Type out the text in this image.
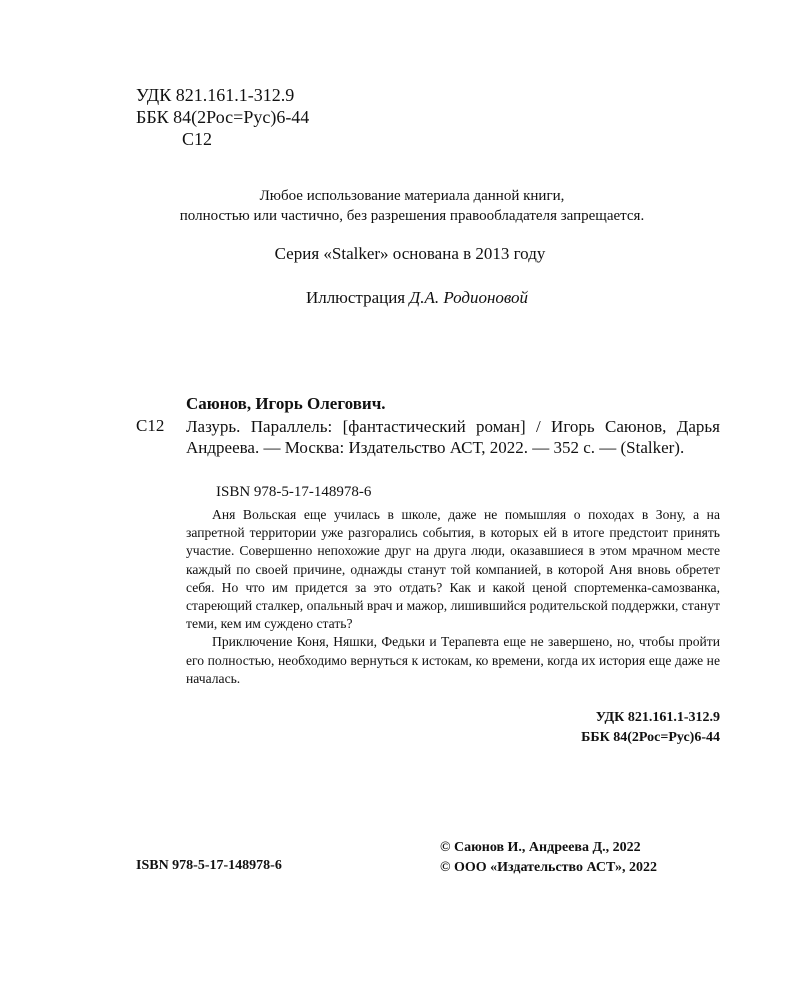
УДК 821.161.1-312.9
ББК 84(2Рос=Рус)6-44
С12
Любое использование материала данной книги,
полностью или частично, без разрешения правообладателя запрещается.
Серия «Stalker» основана в 2013 году
Иллюстрация Д.А. Родионовой
Саюнов, Игорь Олегович.
С12 Лазурь. Параллель: [фантастический роман] / Игорь Саюнов, Дарья Андреева. — Москва: Издательство АСТ, 2022. — 352 с. — (Stalker).
ISBN 978-5-17-148978-6

Аня Вольская еще училась в школе, даже не помышляя о походах в Зону, а на запретной территории уже разгорались события, в которых ей в итоге предстоит принять участие. Совершенно непохожие друг на друга люди, оказавшиеся в этом мрачном месте каждый по своей причине, однажды станут той компанией, в которой Аня вновь обретет себя. Но что им придется за это отдать? Как и какой ценой спортеменка-самозванка, стареющий сталкер, опальный врач и мажор, лишившийся родительской поддержки, станут теми, кем им суждено стать?

Приключение Коня, Няшки, Федьки и Терапевта еще не завершено, но, чтобы пройти его полностью, необходимо вернуться к истокам, ко времени, когда их история еще даже не началась.

УДК 821.161.1-312.9
ББК 84(2Рос=Рус)6-44
ISBN 978-5-17-148978-6
© Саюнов И., Андреева Д., 2022
© ООО «Издательство АСТ», 2022
